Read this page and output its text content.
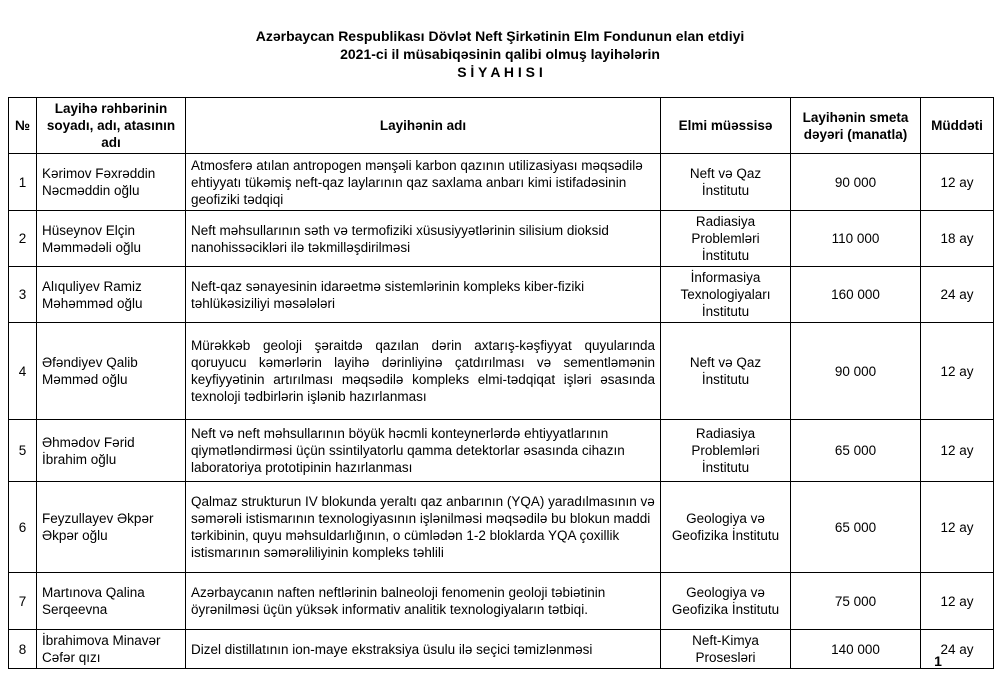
Azərbaycan Respublikası Dövlət Neft Şirkətinin Elm Fondunun elan etdiyi
2021-ci il müsabiqəsinin qalibi olmuş layihələrin
S İ Y A H I S I
№	Layihə rəhbərinin soyadı, adı, atasının adı	Layihənin adı	Elmi müəssisə	Layihənin smeta dəyəri (manatla)	Müddəti
1	Kərimov Fəxrəddin Nəcməddin oğlu	Atmosferə atılan antropogen mənşəli karbon qazının utilizasiyası məqsədilə ehtiyyatı tükəmiş neft-qaz laylarının qaz saxlama anbarı kimi istifadəsinin geofiziki tədqiqi	Neft və Qaz İnstitutu	90 000	12 ay
2	Hüseynov Elçin Məmmədəli oğlu	Neft məhsullarının səth və termofiziki xüsusiyyətlərinin silisium dioksid nanohissəcikləri ilə təkmilləşdirilməsi	Radiasiya Problemləri İnstitutu	110 000	18 ay
3	Alıquliyev Ramiz Məhəmməd oğlu	Neft-qaz sənayesinin idarəetmə sistemlərinin kompleks kiber-fiziki təhlükəsiziliyi məsələləri	İnformasiya Texnologiyaları İnstitutu	160 000	24 ay
4	Əfəndiyev Qalib Məmməd oğlu	Mürəkkəb geoloji şəraitdə qazılan dərin axtarış-kəşfiyyat quyularında qoruyucu kəmərlərin layihə dərinliyinə çatdırılması və sementləmənin keyfiyyətinin artırılması məqsədilə kompleks elmi-tədqiqat işləri əsasında texnoloji tədbirlərin işlənib hazırlanması	Neft və Qaz İnstitutu	90 000	12 ay
5	Əhmədov Fərid İbrahim oğlu	Neft və neft məhsullarının böyük həcmli konteynerlərdə ehtiyyatlarının qiymətləndirməsi üçün ssintilyatorlu qamma detektorlar əsasında cihazın laboratoriya prototipinin hazırlanması	Radiasiya Problemləri İnstitutu	65 000	12 ay
6	Feyzullayev Əkpər Əkpər oğlu	Qalmaz strukturun IV blokunda yeraltı qaz anbarının (YQA) yaradılmasının və səmərəli istismarının texnologiyasının işlənilməsi məqsədilə bu blokun maddi tərkibinin, quyu məhsuldarlığının, o cümlədən 1-2 bloklarda YQA çoxillik istismarının səmərəliliyinin kompleks təhlili	Geologiya və Geofizika İnstitutu	65 000	12 ay
7	Martınova Qalina Serqeevna	Azərbaycanın naften neftlərinin balneoloji fenomenin geoloji təbiətinin öyrənilməsi üçün yüksək informativ analitik texnologiyaların tətbiqi.	Geologiya və Geofizika İnstitutu	75 000	12 ay
8	İbrahimova Minavər Cəfər qızı	Dizel distillatının ion-maye ekstraksiya üsulu ilə seçici təmizlənməsi	Neft-Kimya Prosesləri	140 000	24 ay
1
